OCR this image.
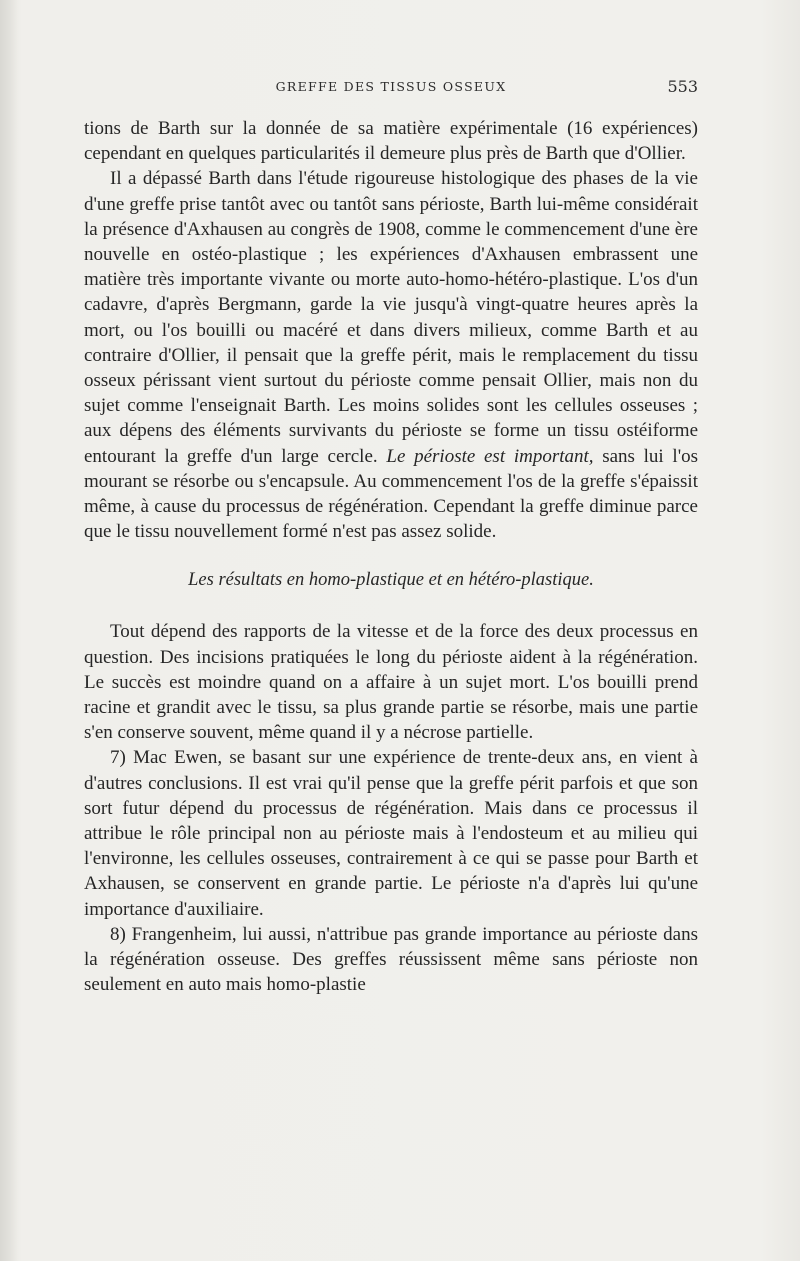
GREFFE DES TISSUS OSSEUX	553

tions de Barth sur la donnée de sa matière expérimentale (16 expériences) cependant en quelques particularités il demeure plus près de Barth que d'Ollier.

Il a dépassé Barth dans l'étude rigoureuse histologique des phases de la vie d'une greffe prise tantôt avec ou tantôt sans périoste, Barth lui-même considérait la présence d'Axhausen au congrès de 1908, comme le commencement d'une ère nouvelle en ostéo-plastique ; les expériences d'Axhausen embrassent une matière très importante vivante ou morte auto-homo-hétéro-plastique. L'os d'un cadavre, d'après Bergmann, garde la vie jusqu'à vingt-quatre heures après la mort, ou l'os bouilli ou macéré et dans divers milieux, comme Barth et au contraire d'Ollier, il pensait que la greffe périt, mais le remplacement du tissu osseux périssant vient surtout du périoste comme pensait Ollier, mais non du sujet comme l'enseignait Barth. Les moins solides sont les cellules osseuses ; aux dépens des éléments survivants du périoste se forme un tissu ostéiforme entourant la greffe d'un large cercle. Le périoste est important, sans lui l'os mourant se résorbe ou s'encapsule. Au commencement l'os de la greffe s'épaissit même, à cause du processus de régénération. Cependant la greffe diminue parce que le tissu nouvellement formé n'est pas assez solide.

Les résultats en homo-plastique et en hétéro-plastique.

Tout dépend des rapports de la vitesse et de la force des deux processus en question. Des incisions pratiquées le long du périoste aident à la régénération. Le succès est moindre quand on a affaire à un sujet mort. L'os bouilli prend racine et grandit avec le tissu, sa plus grande partie se résorbe, mais une partie s'en conserve souvent, même quand il y a nécrose partielle.

7) Mac Ewen, se basant sur une expérience de trente-deux ans, en vient à d'autres conclusions. Il est vrai qu'il pense que la greffe périt parfois et que son sort futur dépend du processus de régénération. Mais dans ce processus il attribue le rôle principal non au périoste mais à l'endosteum et au milieu qui l'environne, les cellules osseuses, contrairement à ce qui se passe pour Barth et Axhausen, se conservent en grande partie. Le périoste n'a d'après lui qu'une importance d'auxiliaire.

8) Frangenheim, lui aussi, n'attribue pas grande importance au périoste dans la régénération osseuse. Des greffes réussissent même sans périoste non seulement en auto mais homo-plastie
